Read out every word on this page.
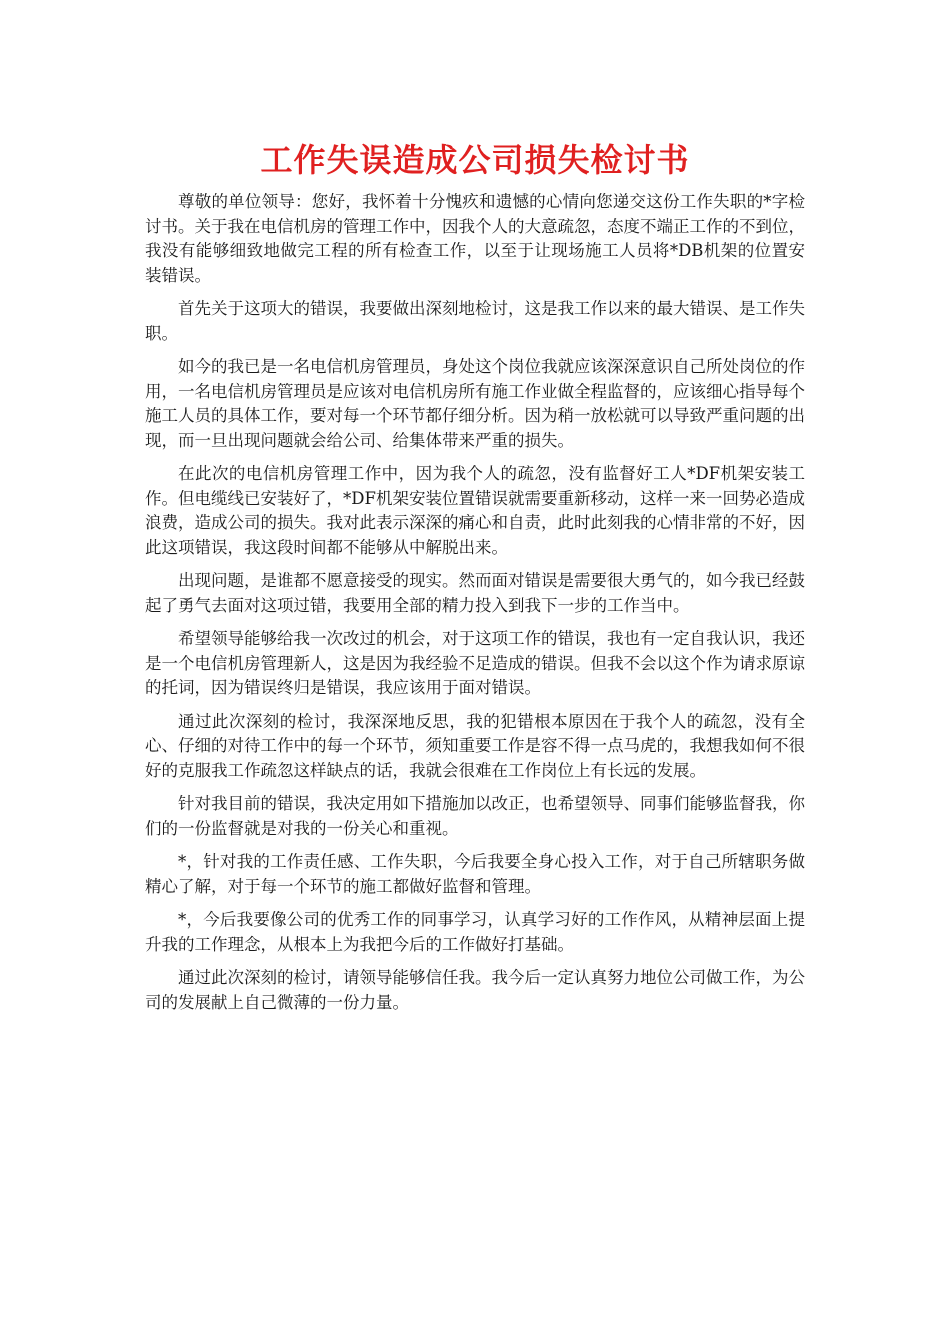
工作失误造成公司损失检讨书

尊敬的单位领导：您好，我怀着十分愧疚和遗憾的心情向您递交这份工作失职的*字检讨书。关于我在电信机房的管理工作中，因我个人的大意疏忽，态度不端正工作的不到位，我没有能够细致地做完工程的所有检查工作，以至于让现场施工人员将*DB机架的位置安装错误。

首先关于这项大的错误，我要做出深刻地检讨，这是我工作以来的最大错误、是工作失职。

如今的我已是一名电信机房管理员，身处这个岗位我就应该深深意识自己所处岗位的作用，一名电信机房管理员是应该对电信机房所有施工作业做全程监督的，应该细心指导每个施工人员的具体工作，要对每一个环节都仔细分析。因为稍一放松就可以导致严重问题的出现，而一旦出现问题就会给公司、给集体带来严重的损失。

在此次的电信机房管理工作中，因为我个人的疏忽，没有监督好工人*DF机架安装工作。但电缆线已安装好了，*DF机架安装位置错误就需要重新移动，这样一来一回势必造成浪费，造成公司的损失。我对此表示深深的痛心和自责，此时此刻我的心情非常的不好，因此这项错误，我这段时间都不能够从中解脱出来。

出现问题，是谁都不愿意接受的现实。然而面对错误是需要很大勇气的，如今我已经鼓起了勇气去面对这项过错，我要用全部的精力投入到我下一步的工作当中。

希望领导能够给我一次改过的机会，对于这项工作的错误，我也有一定自我认识，我还是一个电信机房管理新人，这是因为我经验不足造成的错误。但我不会以这个作为请求原谅的托词，因为错误终归是错误，我应该用于面对错误。

通过此次深刻的检讨，我深深地反思，我的犯错根本原因在于我个人的疏忽，没有全心、仔细的对待工作中的每一个环节，须知重要工作是容不得一点马虎的，我想我如何不很好的克服我工作疏忽这样缺点的话，我就会很难在工作岗位上有长远的发展。

针对我目前的错误，我决定用如下措施加以改正，也希望领导、同事们能够监督我，你们的一份监督就是对我的一份关心和重视。

*，针对我的工作责任感、工作失职，今后我要全身心投入工作，对于自己所辖职务做精心了解，对于每一个环节的施工都做好监督和管理。

*，今后我要像公司的优秀工作的同事学习，认真学习好的工作作风，从精神层面上提升我的工作理念，从根本上为我把今后的工作做好打基础。

通过此次深刻的检讨，请领导能够信任我。我今后一定认真努力地位公司做工作，为公司的发展献上自己微薄的一份力量。
